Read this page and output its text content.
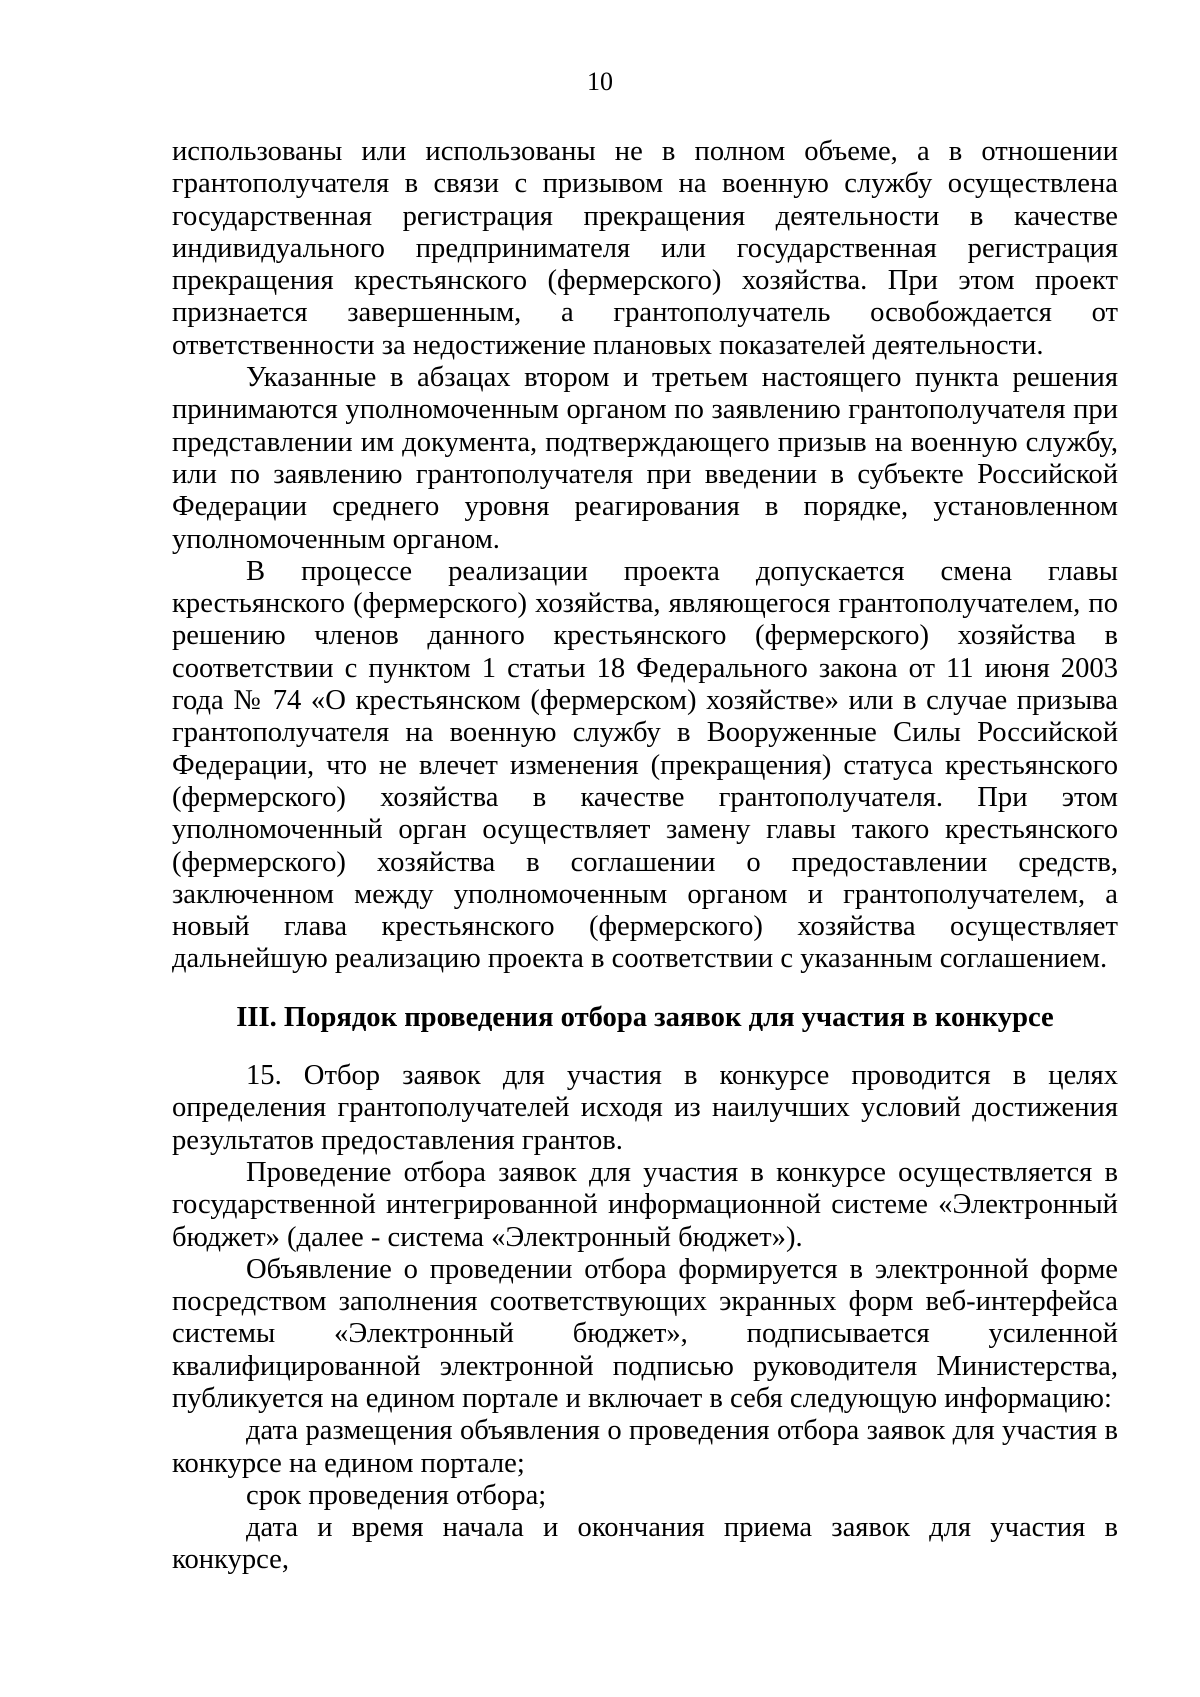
10

использованы или использованы не в полном объеме, а в отношении грантополучателя в связи с призывом на военную службу осуществлена государственная регистрация прекращения деятельности в качестве индивидуального предпринимателя или государственная регистрация прекращения крестьянского (фермерского) хозяйства. При этом проект признается завершенным, а грантополучатель освобождается от ответственности за недостижение плановых показателей деятельности.

Указанные в абзацах втором и третьем настоящего пункта решения принимаются уполномоченным органом по заявлению грантополучателя при представлении им документа, подтверждающего призыв на военную службу, или по заявлению грантополучателя при введении в субъекте Российской Федерации среднего уровня реагирования в порядке, установленном уполномоченным органом.

В процессе реализации проекта допускается смена главы крестьянского (фермерского) хозяйства, являющегося грантополучателем, по решению членов данного крестьянского (фермерского) хозяйства в соответствии с пунктом 1 статьи 18 Федерального закона от 11 июня 2003 года № 74 «О крестьянском (фермерском) хозяйстве» или в случае призыва грантополучателя на военную службу в Вооруженные Силы Российской Федерации, что не влечет изменения (прекращения) статуса крестьянского (фермерского) хозяйства в качестве грантополучателя. При этом уполномоченный орган осуществляет замену главы такого крестьянского (фермерского) хозяйства в соглашении о предоставлении средств, заключенном между уполномоченным органом и грантополучателем, а новый глава крестьянского (фермерского) хозяйства осуществляет дальнейшую реализацию проекта в соответствии с указанным соглашением.

III. Порядок проведения отбора заявок для участия в конкурсе

15. Отбор заявок для участия в конкурсе проводится в целях определения грантополучателей исходя из наилучших условий достижения результатов предоставления грантов.

Проведение отбора заявок для участия в конкурсе осуществляется в государственной интегрированной информационной системе «Электронный бюджет» (далее - система «Электронный бюджет»).

Объявление о проведении отбора формируется в электронной форме посредством заполнения соответствующих экранных форм веб-интерфейса системы «Электронный бюджет», подписывается усиленной квалифицированной электронной подписью руководителя Министерства, публикуется на едином портале и включает в себя следующую информацию:

дата размещения объявления о проведения отбора заявок для участия в конкурсе на едином портале;

срок проведения отбора;

дата и время начала и окончания приема заявок для участия в конкурсе,
